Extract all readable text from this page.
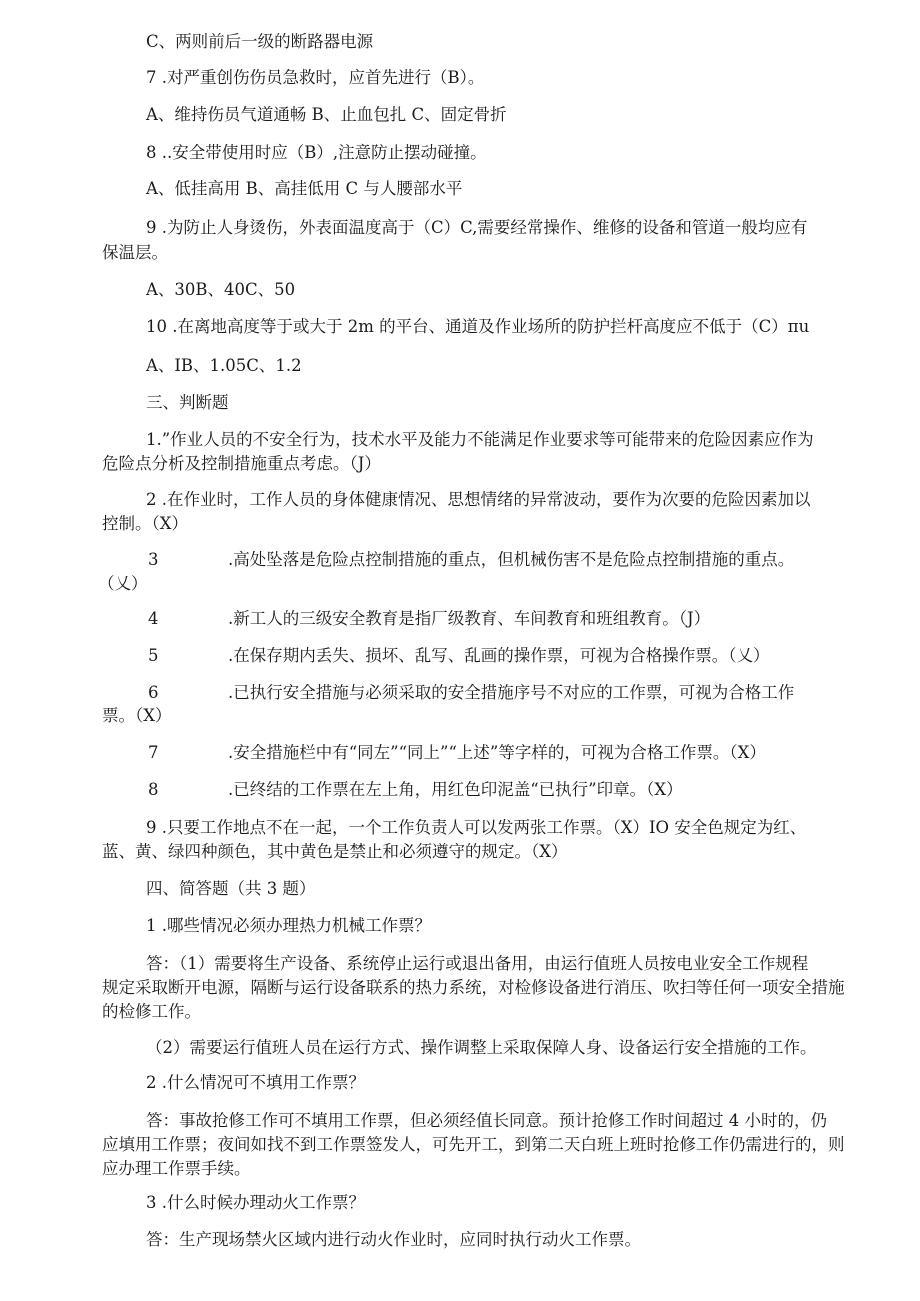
C、两则前后一级的断路器电源
7 .对严重创伤伤员急救时，应首先进行（B）。
A、维持伤员气道通畅 B、止血包扎 C、固定骨折
8 ..安全带使用时应（B）,注意防止摆动碰撞。
A、低挂高用 B、高挂低用 C 与人腰部水平
9 .为防止人身烫伤，外表面温度高于（C）C,需要经常操作、维修的设备和管道一般均应有
保温层。
A、30B、40C、50
10 .在离地高度等于或大于 2m 的平台、通道及作业场所的防护拦杆高度应不低于（C）πu
A、IB、1.05C、1.2
三、判断题
1.”作业人员的不安全行为，技术水平及能力不能满足作业要求等可能带来的危险因素应作为
危险点分析及控制措施重点考虑。（J）
2 .在作业时，工作人员的身体健康情况、思想情绪的异常波动，要作为次要的危险因素加以
控制。（X）
3	.高处坠落是危险点控制措施的重点，但机械伤害不是危险点控制措施的重点。
（乂）
4	.新工人的三级安全教育是指厂级教育、车间教育和班组教育。（J）
5	.在保存期内丢失、损坏、乱写、乱画的操作票，可视为合格操作票。（乂）
6	.已执行安全措施与必须采取的安全措施序号不对应的工作票，可视为合格工作
票。（X）
7	.安全措施栏中有“同左”“同上”“上述”等字样的，可视为合格工作票。（X）
8	.已终结的工作票在左上角，用红色印泥盖“已执行”印章。（X）
9 .只要工作地点不在一起，一个工作负责人可以发两张工作票。（X）IO 安全色规定为红、
蓝、黄、绿四种颜色，其中黄色是禁止和必须遵守的规定。（X）
四、简答题（共 3 题）
1 .哪些情况必须办理热力机械工作票？
答：（1）需要将生产设备、系统停止运行或退出备用，由运行值班人员按电业安全工作规程
规定采取断开电源，隔断与运行设备联系的热力系统，对检修设备进行消压、吹扫等任何一项安全措施
的检修工作。
（2）需要运行值班人员在运行方式、操作调整上采取保障人身、设备运行安全措施的工作。
2 .什么情况可不填用工作票？
答：事故抢修工作可不填用工作票，但必须经值长同意。预计抢修工作时间超过 4 小时的，仍
应填用工作票；夜间如找不到工作票签发人，可先开工，到第二天白班上班时抢修工作仍需进行的，则
应办理工作票手续。
3 .什么时候办理动火工作票？
答：生产现场禁火区域内进行动火作业时，应同时执行动火工作票。
